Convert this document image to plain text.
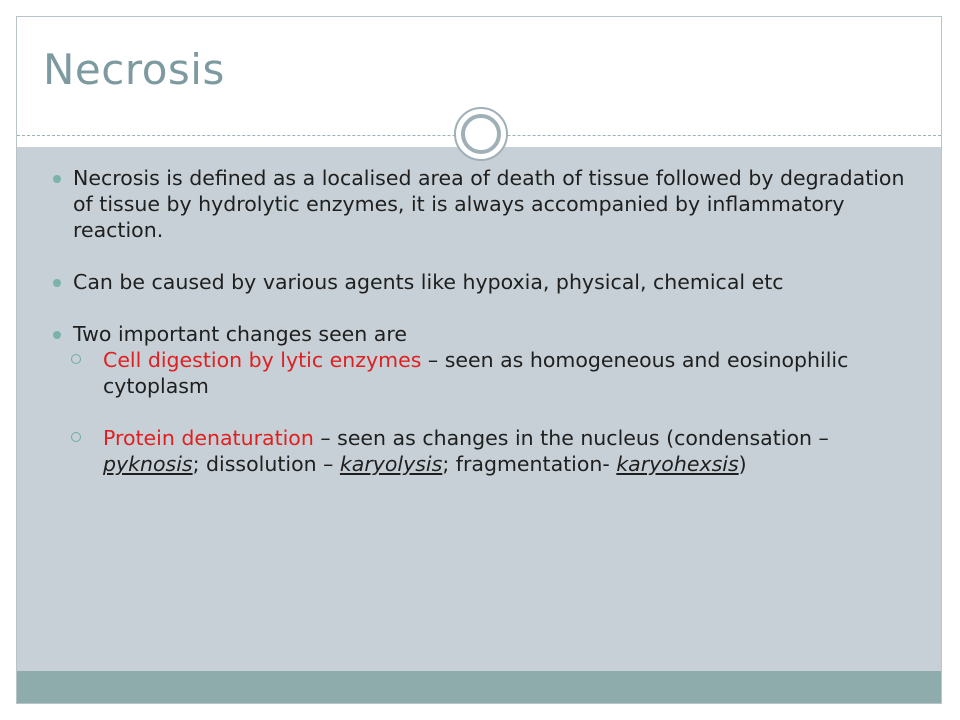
Necrosis
Necrosis is defined as a localised area of death of tissue followed by degradation of tissue by hydrolytic enzymes, it is always accompanied by inflammatory reaction.
Can be caused by various agents like hypoxia, physical, chemical etc
Two important changes seen are
Cell digestion by lytic enzymes – seen as homogeneous and eosinophilic cytoplasm
Protein denaturation – seen as changes in the nucleus (condensation – pyknosis; dissolution – karyolysis; fragmentation- karyohexsis)
